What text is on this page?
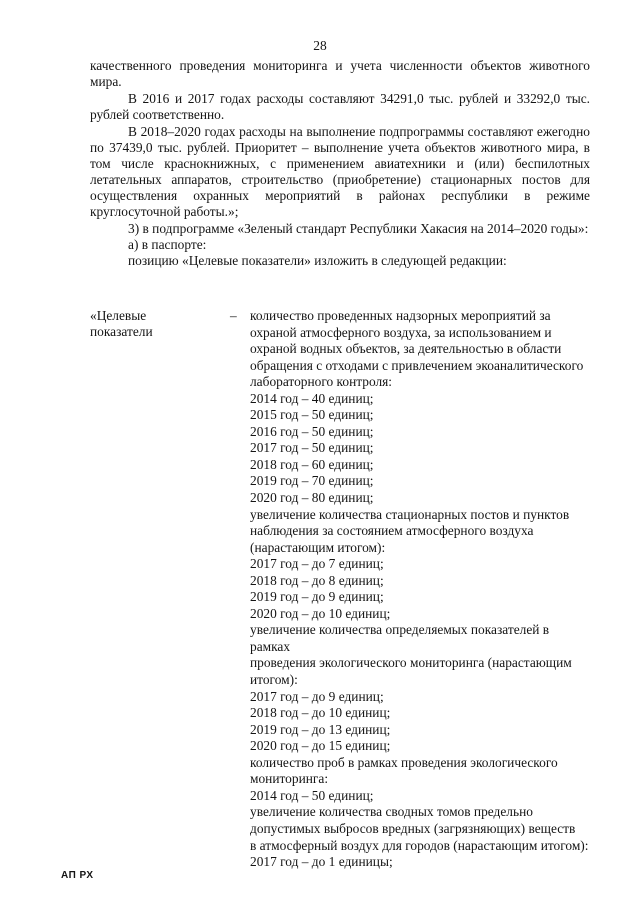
28

качественного проведения мониторинга и учета численности объектов животного мира.

В 2016 и 2017 годах расходы составляют 34291,0 тыс. рублей и 33292,0 тыс. рублей соответственно.

В 2018–2020 годах расходы на выполнение подпрограммы составляют ежегодно по 37439,0 тыс. рублей. Приоритет – выполнение учета объектов животного мира, в том числе краснокнижных, с применением авиатехники и (или) беспилотных летательных аппаратов, строительство (приобретение) стационарных постов для осуществления охранных мероприятий в районах республики в режиме круглосуточной работы.»;

3) в подпрограмме «Зеленый стандарт Республики Хакасия на 2014–2020 годы»:

а) в паспорте:

позицию «Целевые показатели» изложить в следующей редакции:

«Целевые
показатели
– количество проведенных надзорных мероприятий за
охраной атмосферного воздуха, за использованием и
охраной водных объектов, за деятельностью в области
обращения с отходами с привлечением экоаналитического
лабораторного контроля:
2014 год – 40 единиц;
2015 год – 50 единиц;
2016 год – 50 единиц;
2017 год – 50 единиц;
2018 год – 60 единиц;
2019 год – 70 единиц;
2020 год – 80 единиц;
увеличение количества стационарных постов и пунктов
наблюдения за состоянием атмосферного воздуха
(нарастающим итогом):
2017 год – до 7 единиц;
2018 год – до 8 единиц;
2019 год – до 9 единиц;
2020 год – до 10 единиц;
увеличение количества определяемых показателей в рамках
проведения экологического мониторинга (нарастающим
итогом):
2017 год – до 9 единиц;
2018 год – до 10 единиц;
2019 год – до 13 единиц;
2020 год – до 15 единиц;
количество проб в рамках проведения экологического
мониторинга:
2014 год – 50 единиц;
увеличение количества сводных томов предельно
допустимых выбросов вредных (загрязняющих) веществ
в атмосферный воздух для городов (нарастающим итогом):
2017 год – до 1 единицы;
АП РХ
